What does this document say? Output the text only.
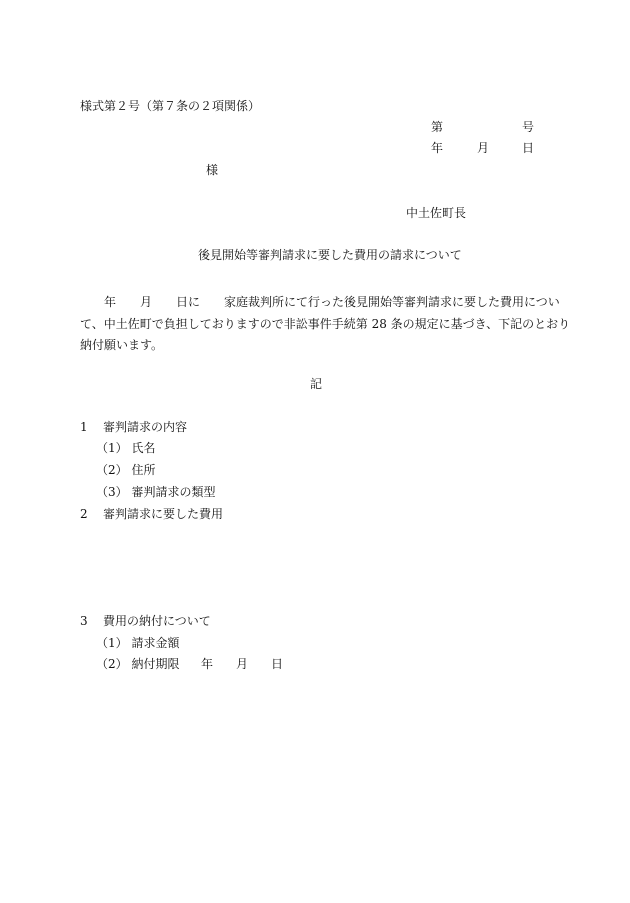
様式第２号（第７条の２項関係）
第	号
年	月	日
様
中土佐町長
後見開始等審判請求に要した費用の請求について
年 月 日に 家庭裁判所にて行った後見開始等審判請求に要した費用につい
て、中土佐町で負担しておりますので非訟事件手続第 28 条の規定に基づき、下記のとおり
納付願います。
記
1 審判請求の内容
（1） 氏名
（2） 住所
（3） 審判請求の類型
2 審判請求に要した費用
3 費用の納付について
（1） 請求金額
（2） 納付期限 年 月 日
